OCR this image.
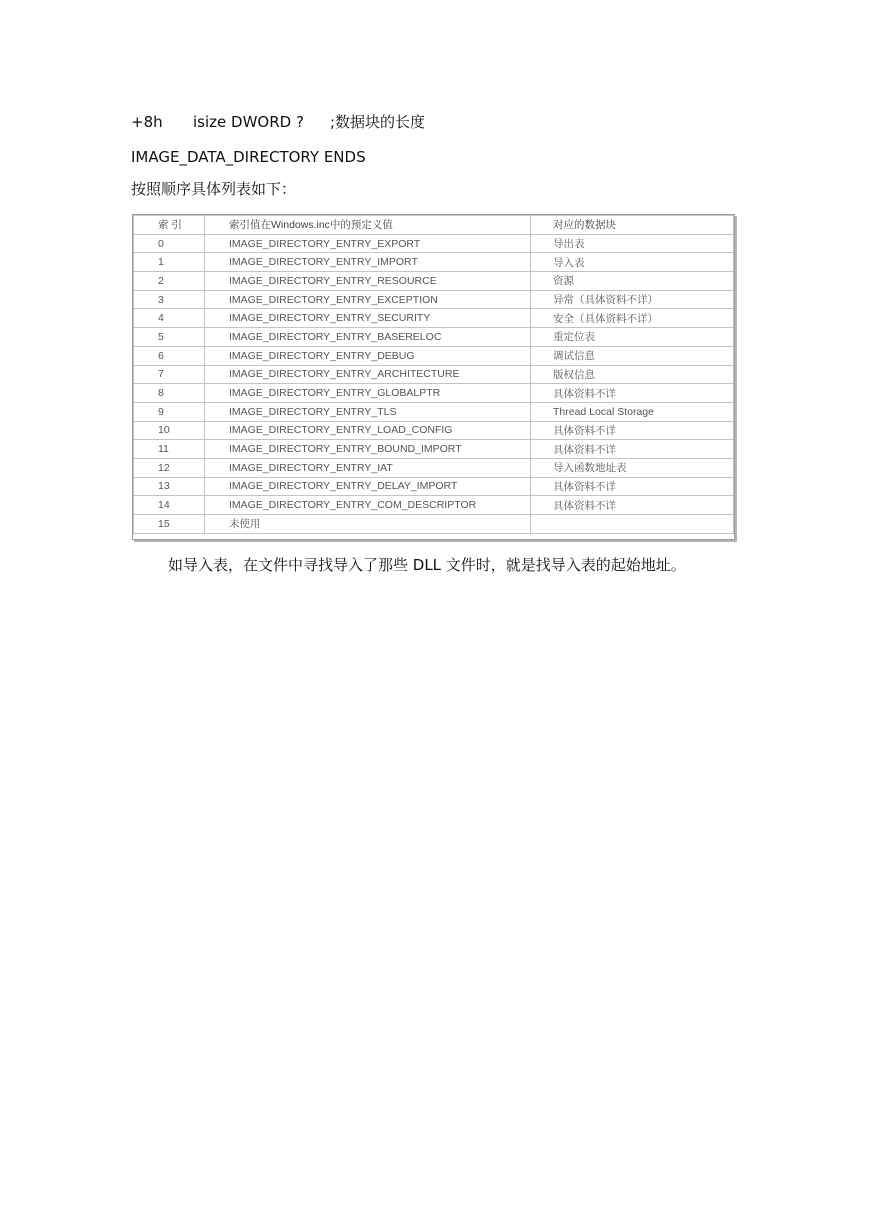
+8h isize DWORD ? ;数据块的长度
IMAGE_DATA_DIRECTORY ENDS
按照顺序具体列表如下：
索 引	索引值在Windows.inc中的预定义值	对应的数据块
0	IMAGE_DIRECTORY_ENTRY_EXPORT	导出表
1	IMAGE_DIRECTORY_ENTRY_IMPORT	导入表
2	IMAGE_DIRECTORY_ENTRY_RESOURCE	资源
3	IMAGE_DIRECTORY_ENTRY_EXCEPTION	异常（具体资料不详）
4	IMAGE_DIRECTORY_ENTRY_SECURITY	安全（具体资料不详）
5	IMAGE_DIRECTORY_ENTRY_BASERELOC	重定位表
6	IMAGE_DIRECTORY_ENTRY_DEBUG	调试信息
7	IMAGE_DIRECTORY_ENTRY_ARCHITECTURE	版权信息
8	IMAGE_DIRECTORY_ENTRY_GLOBALPTR	具体资料不详
9	IMAGE_DIRECTORY_ENTRY_TLS	Thread Local Storage
10	IMAGE_DIRECTORY_ENTRY_LOAD_CONFIG	具体资料不详
11	IMAGE_DIRECTORY_ENTRY_BOUND_IMPORT	具体资料不详
12	IMAGE_DIRECTORY_ENTRY_IAT	导入函数地址表
13	IMAGE_DIRECTORY_ENTRY_DELAY_IMPORT	具体资料不详
14	IMAGE_DIRECTORY_ENTRY_COM_DESCRIPTOR	具体资料不详
15	未使用	
如导入表，在文件中寻找导入了那些 DLL 文件时，就是找导入表的起始地址。
